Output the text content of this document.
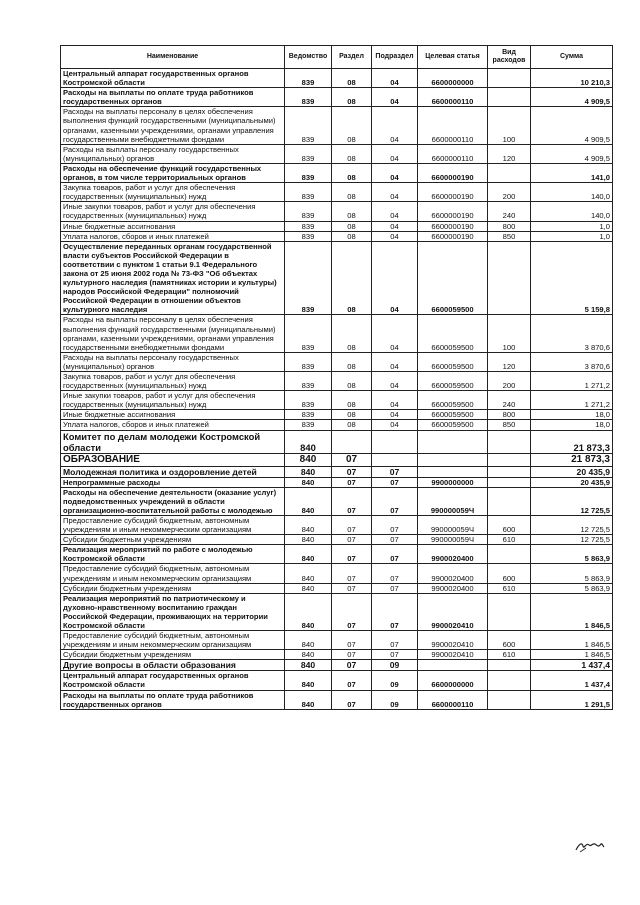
Наименование	Ведомство	Раздел	Подраздел	Целевая статья	Вид расходов	Сумма
Центральный аппарат государственных органов Костромской области	839	08	04	6600000000		10 210,3
Расходы на выплаты по оплате труда работников государственных органов	839	08	04	6600000110		4 909,5
Расходы на выплаты персоналу в целях обеспечения выполнения функций государственными (муниципальными) органами, казенными учреждениями, органами управления государственными внебюджетными фондами	839	08	04	6600000110	100	4 909,5
Расходы на выплаты персоналу государственных (муниципальных) органов	839	08	04	6600000110	120	4 909,5
Расходы на обеспечение функций государственных органов, в том числе территориальных органов	839	08	04	6600000190		141,0
Закупка товаров, работ и услуг для обеспечения государственных (муниципальных) нужд	839	08	04	6600000190	200	140,0
Иные закупки товаров, работ и услуг для обеспечения государственных (муниципальных) нужд	839	08	04	6600000190	240	140,0
Иные бюджетные ассигнования	839	08	04	6600000190	800	1,0
Уплата налогов, сборов и иных платежей	839	08	04	6600000190	850	1,0
Осуществление переданных органам государственной власти субъектов Российской Федерации в соответствии с пунктом 1 статьи 9.1 Федерального закона от 25 июня 2002 года № 73-ФЗ "Об объектах культурного наследия (памятниках истории и культуры) народов Российской Федерации" полномочий Российской Федерации в отношении объектов культурного наследия	839	08	04	6600059500		5 159,8
Расходы на выплаты персоналу в целях обеспечения выполнения функций государственными (муниципальными) органами, казенными учреждениями, органами управления государственными внебюджетными фондами	839	08	04	6600059500	100	3 870,6
Расходы на выплаты персоналу государственных (муниципальных) органов	839	08	04	6600059500	120	3 870,6
Закупка товаров, работ и услуг для обеспечения государственных (муниципальных) нужд	839	08	04	6600059500	200	1 271,2
Иные закупки товаров, работ и услуг для обеспечения государственных (муниципальных) нужд	839	08	04	6600059500	240	1 271,2
Иные бюджетные ассигнования	839	08	04	6600059500	800	18,0
Уплата налогов, сборов и иных платежей	839	08	04	6600059500	850	18,0
Комитет по делам молодежи Костромской области	840					21 873,3
ОБРАЗОВАНИЕ	840	07				21 873,3
Молодежная политика и оздоровление детей	840	07	07			20 435,9
Непрограммные расходы	840	07	07	9900000000		20 435,9
Расходы на обеспечение деятельности (оказание услуг) подведомственных учреждений в области организационно-воспитательной работы с молодежью	840	07	07	990000059Ч		12 725,5
Предоставление субсидий бюджетным, автономным учреждениям и иным некоммерческим организациям	840	07	07	990000059Ч	600	12 725,5
Субсидии бюджетным учреждениям	840	07	07	990000059Ч	610	12 725,5
Реализация мероприятий по работе с молодежью Костромской области	840	07	07	9900020400		5 863,9
Предоставление субсидий бюджетным, автономным учреждениям и иным некоммерческим организациям	840	07	07	9900020400	600	5 863,9
Субсидии бюджетным учреждениям	840	07	07	9900020400	610	5 863,9
Реализация мероприятий по патриотическому и духовно-нравственному воспитанию граждан Российской Федерации, проживающих на территории Костромской области	840	07	07	9900020410		1 846,5
Предоставление субсидий бюджетным, автономным учреждениям и иным некоммерческим организациям	840	07	07	9900020410	600	1 846,5
Субсидии бюджетным учреждениям	840	07	07	9900020410	610	1 846,5
Другие вопросы в области образования	840	07	09			1 437,4
Центральный аппарат государственных органов Костромской области	840	07	09	6600000000		1 437,4
Расходы на выплаты по оплате труда работников государственных органов	840	07	09	6600000110		1 291,5
